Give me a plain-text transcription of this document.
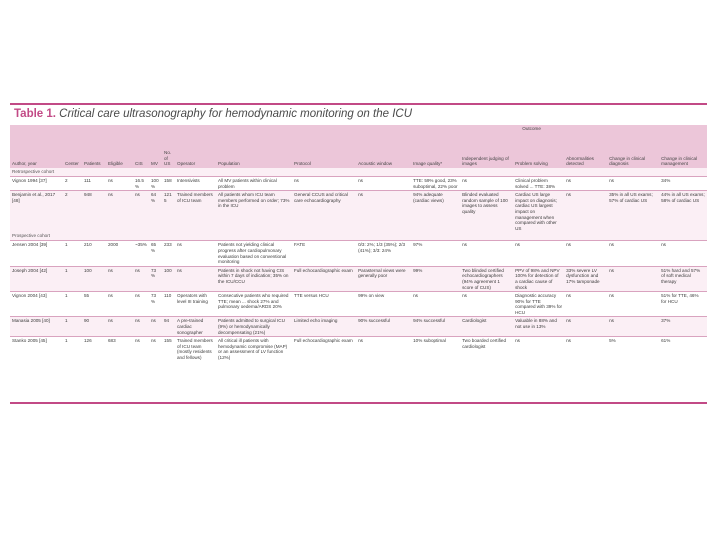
Table 1. Critical care ultrasonography for hemodynamic monitoring on the ICU
										Outcome						
Author, year	Center	Patients	Eligible	CIS	MV	No. of US	Operator	Population	Protocol	Acoustic window	Image quality*	Independent judging of images	Problem solving	Abnormalities detected	Change in clinical diagnosis	Change in clinical management
Retrospective cohort																
Vignon 1994 [37]	2	111	ns	16.5%	100%	158	Intensivists	All MV patients within clinical problem	ns	ns	TTE: 59% good, 23% suboptimal, 22% poor	ns	Clinical problem solved ... TTE: 38%	ns	ns	34%
Benjamin et al., 2017 [48]	2	948	ns	ns	64%	1215	Trained members of ICU team	All patients whom ICU team members performed on order; 73% in the ICU	General CCUS and critical care echocardiography	ns	94% adequate (cardiac views)	Blinded evaluated random sample of 100 images to assess quality	Cardiac US large impact on diagnosis; cardiac US largest impact on management when compared with other US	ns	35% in all US exams; 57% of cardiac US	44% in all US exams; 58% of cardiac US
Prospective cohort																
Jensen 2004 [39]	1	210	2000	~35%	65%	233	ns	Patients not yielding clinical progress after cardiopulmonary evaluation based on conventional monitoring	FATE	0/3: 2%; 1/3 (35%); 2/3 (41%); 3/3: 24%	97%	ns	ns	ns	ns	ns
Joseph 2004 [42]	1	100	ns	ns	73%	100	ns	Patients in shock not having CIS within 7 days of indication; 35% on the ICU/CCU	Full echocardiographic exam	Parasternal views were generally poor	99%	Two blinded certified echocardiographers (94% agreement 1 score of CUS)	PPV of 98% and NPV 100% for detection of a cardiac cause of shock	33% severe LV dysfunction and 17% tamponade	ns	51% hard and 57% of soft medical therapy
Vignon 2004 [43]	1	55	ns	ns	73%	110	Operators with level III training	Consecutive patients who required TTE; mean ... shock 27% and pulmonary oedema/ARDS 20%	TTE versus HCU	99% on view	ns	ns	Diagnostic accuracy 90% for TTE compared with 39% for HCU	ns	ns	51% for TTE, 46% for HCU
Manasia 2005 [40]	1	90	ns	ns	ns	94	A pre-trained cardiac sonographer	Patients admitted to surgical ICU (9%) or hemodynamically decompensating (21%)	Limited echo imaging	90% successful	94% successful	Cardiologist	Valuable in 88% and not use in 13%	ns	ns	37%
Stanko 2005 [45]	1	126	683	ns	ns	155	Trained members of ICU team (mostly residents and fellows)	All critical ill patients with hemodynamic compromise (MAP) or an assessment of LV function (12%)	Full echocardiographic exam	ns	10% suboptimal	Two boarded certified cardiologist	ns	ns	5%	61%
